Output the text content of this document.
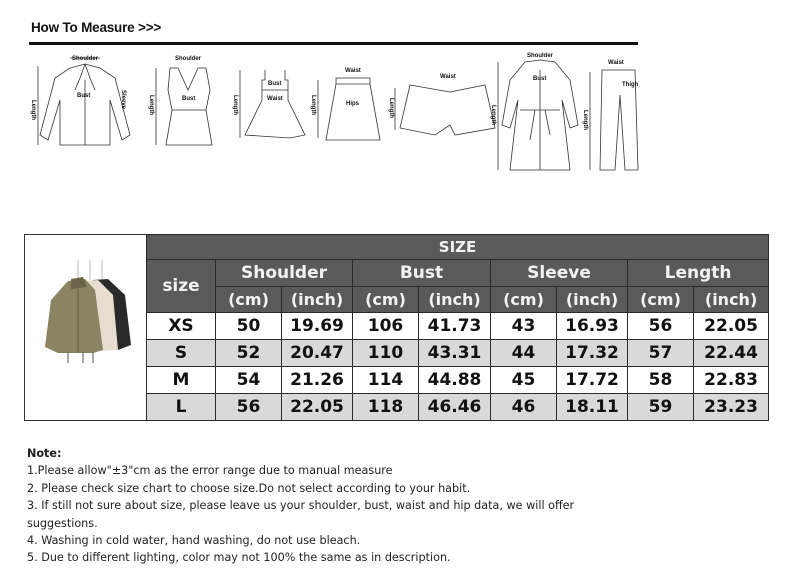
How To Measure >>>
Shoulder
Bust	Sleeve
Length
Shoulder
Bust
Length
Bust
Waist
Length
Waist
Hips
Length
Waist
Length
Shoulder
Bust
Length
Waist
Thigh
Length
SIZE								
size	Shoulder		Bust		Sleeve		Length	
	(cm)	(inch)	(cm)	(inch)	(cm)	(inch)	(cm)	(inch)
XS	50	19.69	106	41.73	43	16.93	56	22.05
S	52	20.47	110	43.31	44	17.32	57	22.44
M	54	21.26	114	44.88	45	17.72	58	22.83
L	56	22.05	118	46.46	46	18.11	59	23.23
Note:
1.Please allow"±3"cm as the error range due to manual measure
2. Please check size chart to choose size.Do not select according to your habit.
3. If still not sure about size, please leave us your shoulder, bust, waist and hip data, we will offer
suggestions.
4. Washing in cold water, hand washing, do not use bleach.
5. Due to different lighting, color may not 100% the same as in description.
